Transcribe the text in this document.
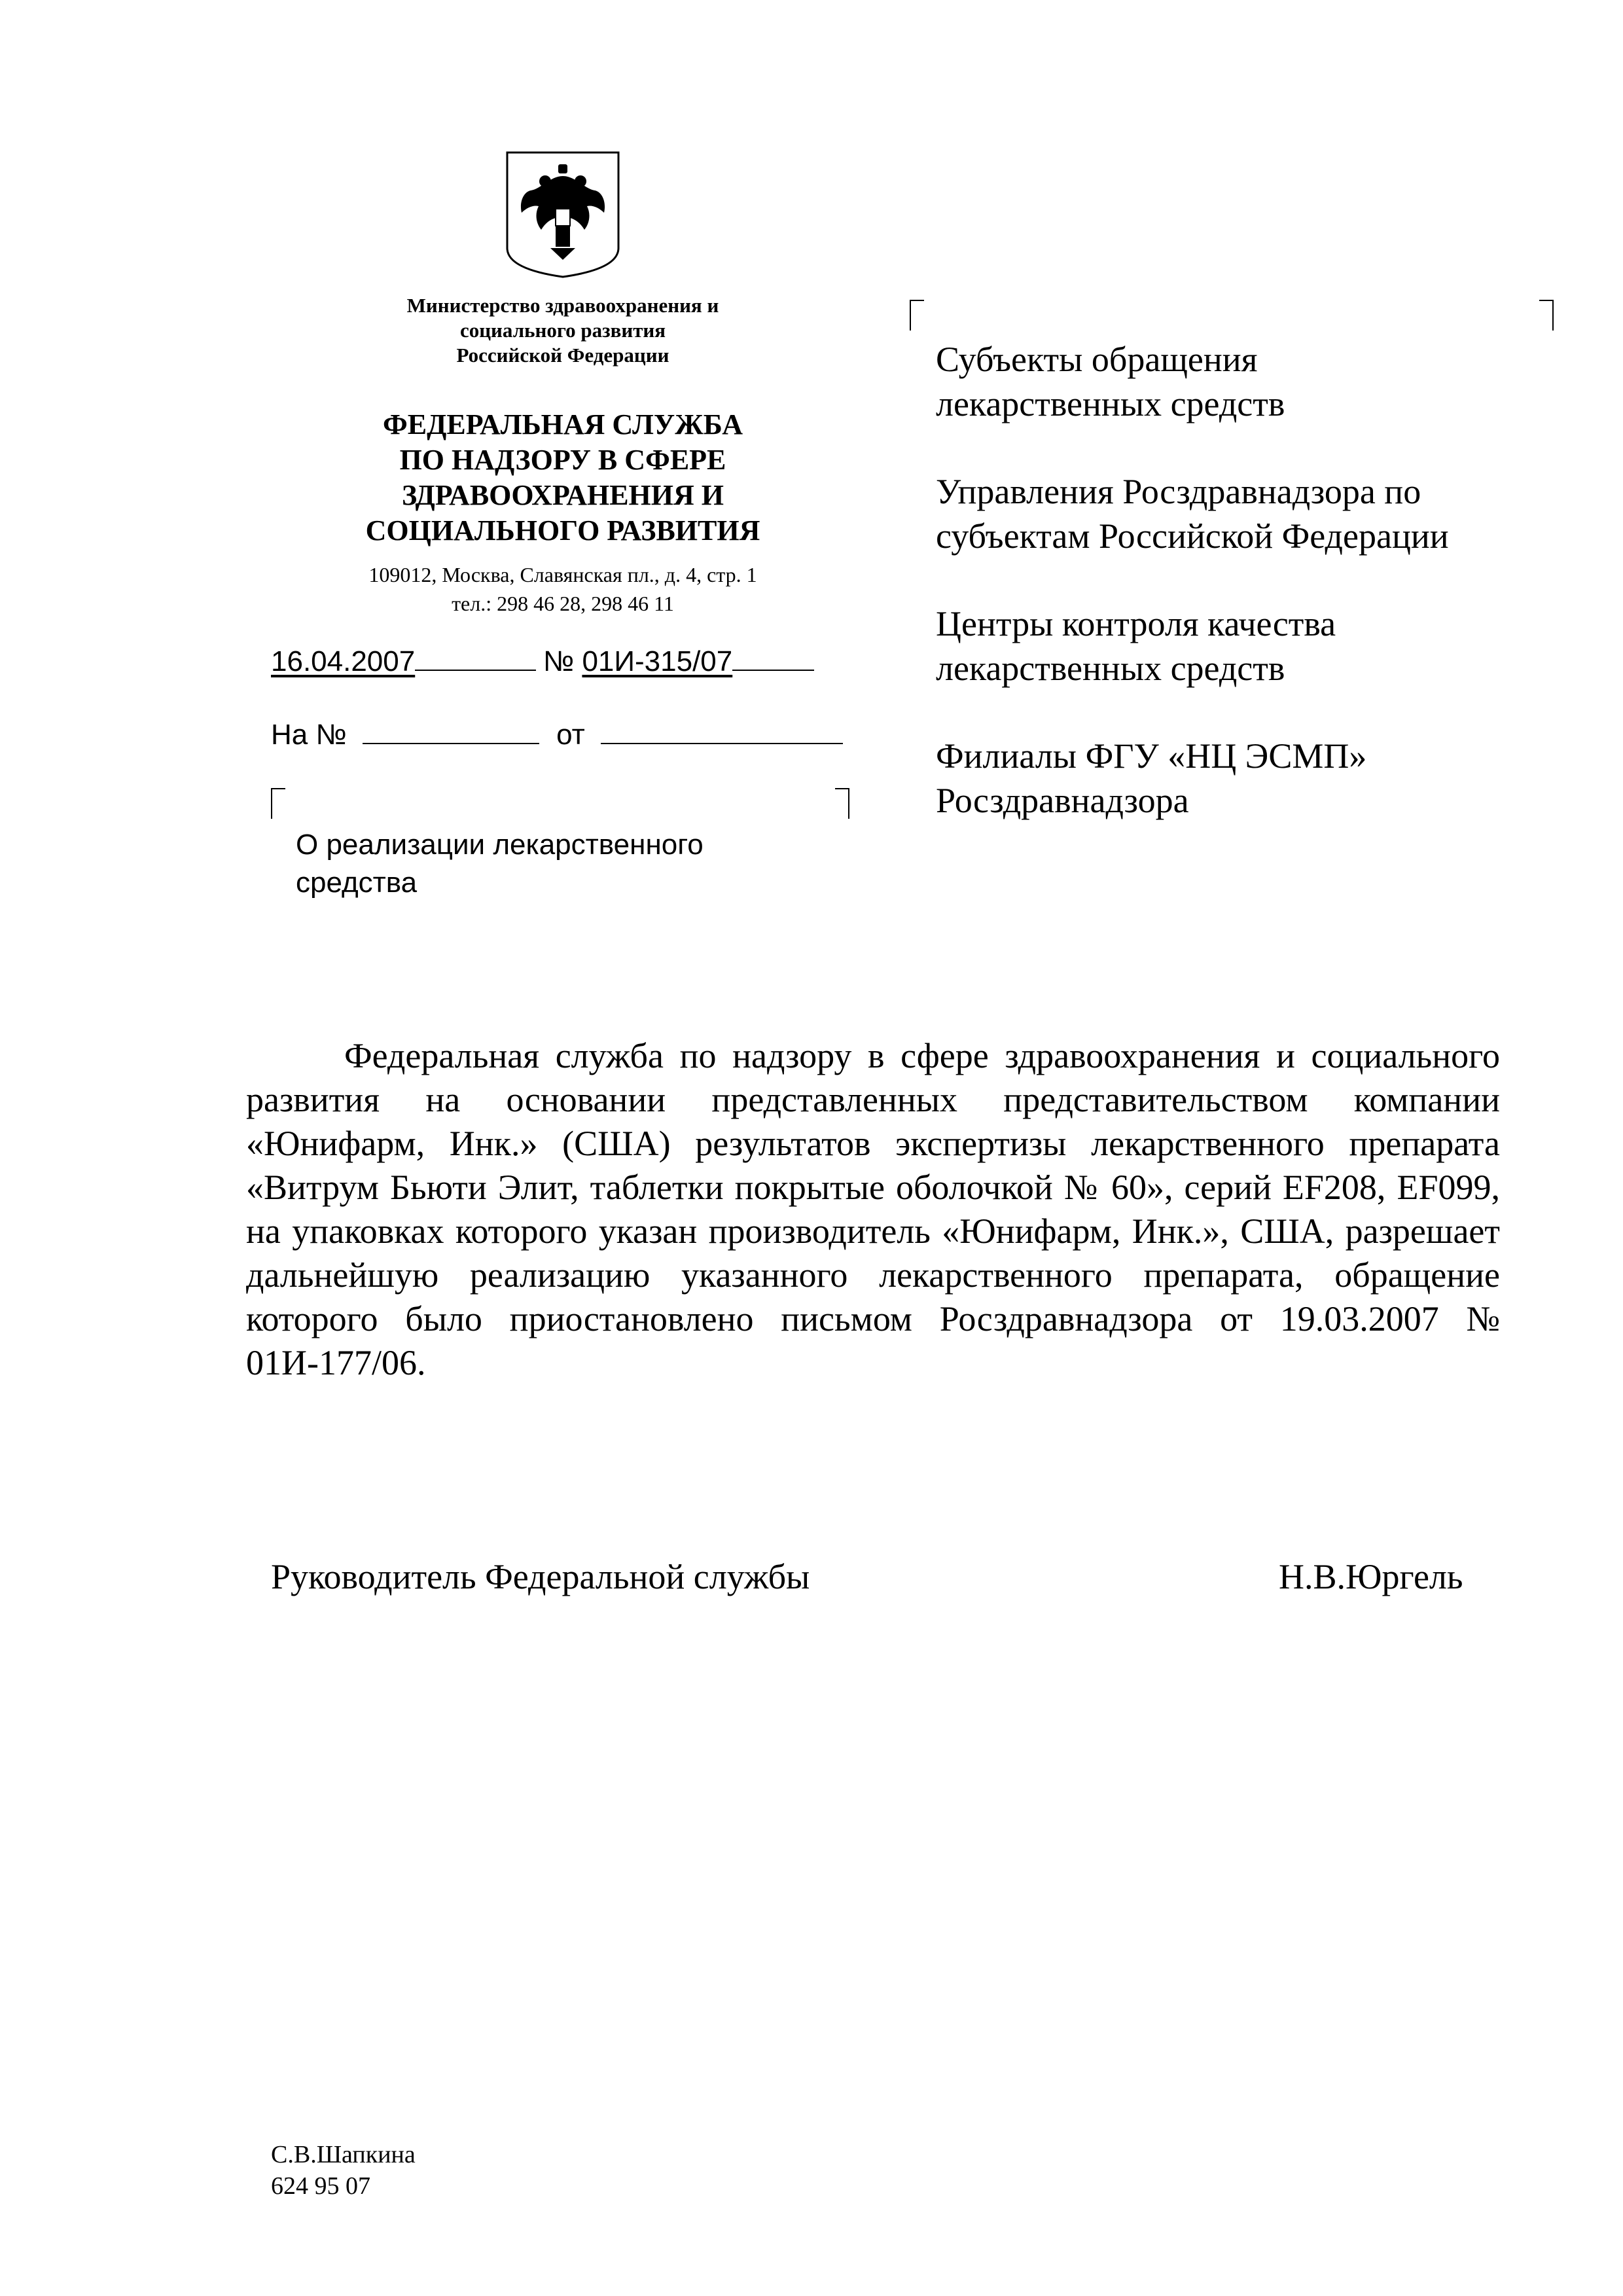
Министерство здравоохранения и
социального развития
Российской Федерации
ФЕДЕРАЛЬНАЯ СЛУЖБА
ПО НАДЗОРУ В СФЕРЕ
ЗДРАВООХРАНЕНИЯ И
СОЦИАЛЬНОГО РАЗВИТИЯ
109012, Москва, Славянская пл., д. 4, стр. 1
тел.: 298 46 28, 298 46 11
16.04.2007	№ 01И-315/07
На №	от
О реализации лекарственного
средства

Субъекты обращения
лекарственных средств

Управления Росздравнадзора по
субъектам Российской Федерации

Центры контроля качества
лекарственных средств

Филиалы ФГУ «НЦ ЭСМП»
Росздравнадзора

Федеральная служба по надзору в сфере здравоохранения и социального развития на основании представленных представительством компании «Юнифарм, Инк.» (США) результатов экспертизы лекарственного препарата «Витрум Бьюти Элит, таблетки покрытые оболочкой № 60», серий EF208, EF099, на упаковках которого указан производитель «Юнифарм, Инк.», США, разрешает дальнейшую реализацию указанного лекарственного препарата, обращение которого было приостановлено письмом Росздравнадзора от 19.03.2007 № 01И-177/06.

Руководитель Федеральной службы	Н.В.Юргель
С.В.Шапкина
624 95 07
